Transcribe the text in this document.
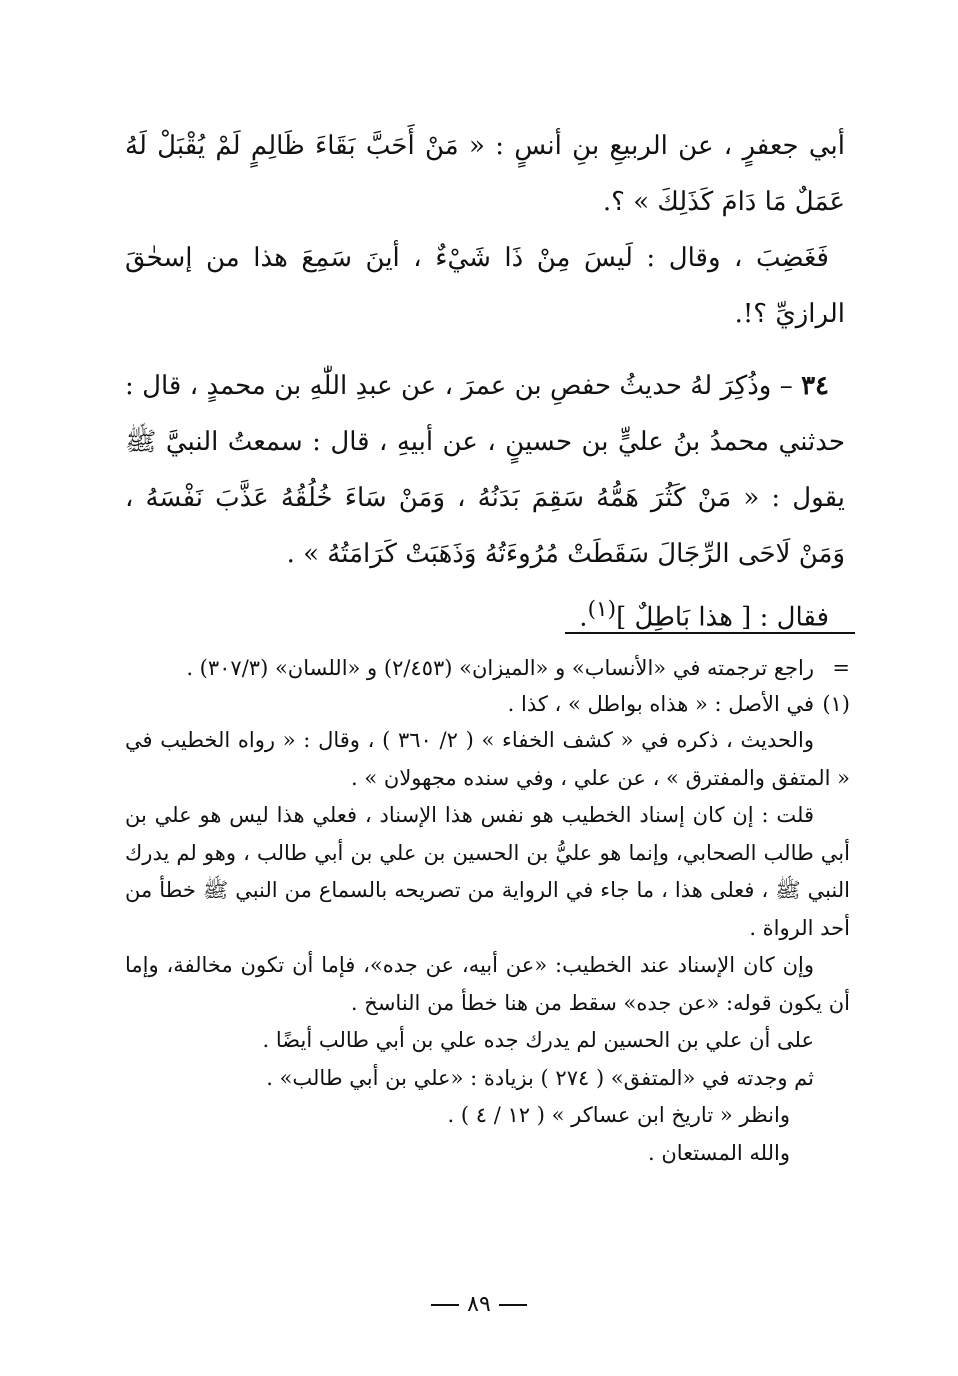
أبي جعفرٍ ، عن الربيعِ بنِ أنسٍ : « مَنْ أَحَبَّ بَقَاءَ ظَالِمٍ لَمْ يُقْبَلْ لَهُ عَمَلٌ مَا دَامَ كَذَلِكَ » ؟.

فَغَضِبَ ، وقال : لَيسَ مِنْ ذَا شَيْءٌ ، أينَ سَمِعَ هذا من إسحٰقَ الرازيِّ ؟!.

٣٤ – وذُكِرَ لهُ حديثُ حفصِ بن عمرَ ، عن عبدِ اللّٰهِ بن محمدٍ ، قال : حدثني محمدُ بنُ عليٍّ بن حسينٍ ، عن أبيهِ ، قال : سمعتُ النبيَّ ﷺ يقول : « مَنْ كَثُرَ هَمُّهُ سَقِمَ بَدَنُهُ ، وَمَنْ سَاءَ خُلُقُهُ عَذَّبَ نَفْسَهُ ، وَمَنْ لَاحَى الرِّجَالَ سَقَطَتْ مُرُوءَتُهُ وَذَهَبَتْ كَرَامَتُهُ » .

فقال : [ هذا بَاطِلٌ ]$^{(١)}$.

=راجع ترجمته في «الأنساب» و «الميزان» (٢/٤٥٣) و «اللسان» (٣٠٧/٣) .

(١)في الأصل : « هذاه بواطل » ، كذا .

والحديث ، ذكره في « كشف الخفاء » ( ٢/ ٣٦٠ ) ، وقال : « رواه الخطيب في « المتفق والمفترق » ، عن علي ، وفي سنده مجهولان » .

قلت : إن كان إسناد الخطيب هو نفس هذا الإسناد ، فعلي هذا ليس هو علي بن أبي طالب الصحابي، وإنما هو عليُّ بن الحسين بن علي بن أبي طالب ، وهو لم يدرك النبي ﷺ ، فعلى هذا ، ما جاء في الرواية من تصريحه بالسماع من النبي ﷺ خطأ من أحد الرواة .

وإن كان الإسناد عند الخطيب: «عن أبيه، عن جده»، فإما أن تكون مخالفة، وإما أن يكون قوله: «عن جده» سقط من هنا خطأ من الناسخ .

على أن علي بن الحسين لم يدرك جده علي بن أبي طالب أيضًا .

ثم وجدته في «المتفق» ( ٢٧٤ ) بزيادة : «علي بن أبي طالب» .

وانظر « تاريخ ابن عساكر » ( ١٢ / ٤ ) .

والله المستعان .

٨٩
